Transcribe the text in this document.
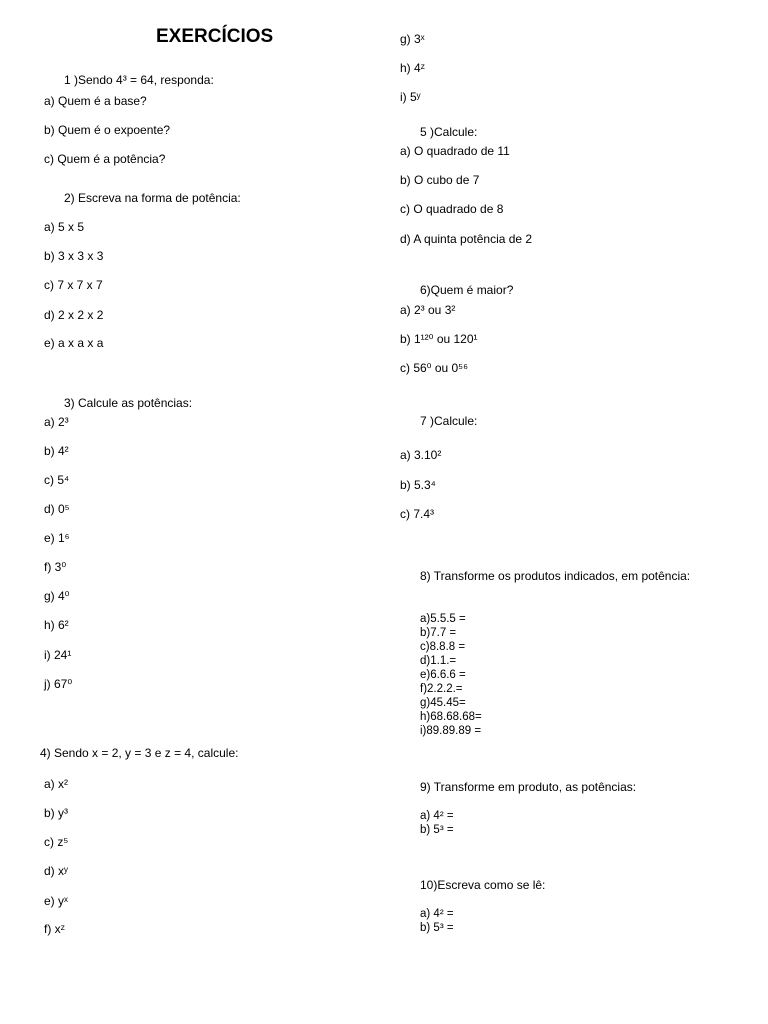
EXERCÍCIOS
1 )Sendo 4³ = 64, responda:
a) Quem é a base?
b) Quem é o expoente?
c) Quem é a potência?
2) Escreva na forma de potência:
a) 5 x 5
b) 3 x 3 x 3
c) 7 x 7 x 7
d) 2 x 2 x 2
e) a x a x a
3) Calcule as potências:
a) 2³
b) 4²
c) 5⁴
d) 0⁵
e) 1⁶
f) 3⁰
g) 4⁰
h) 6²
i) 24¹
j) 67⁰
4) Sendo x = 2, y = 3 e z = 4, calcule:
a) x²
b) y³
c) z⁵
d) xʸ
e) yˣ
f) xᶻ
g) 3ˣ
h) 4ᶻ
i) 5ʸ
5 )Calcule:
a) O quadrado de 11
b) O cubo de 7
c) O quadrado de 8
d) A quinta potência de 2
6)Quem é maior?
a) 2³ ou 3²
b) 1¹²⁰ ou 120¹
c) 56⁰ ou 0⁵⁶
7 )Calcule:
a) 3.10²
b) 5.3⁴
c) 7.4³
8) Transforme os produtos indicados, em potência:
a)5.5.5 =
b)7.7 =
c)8.8.8 =
d)1.1.=
e)6.6.6 =
f)2.2.2.=
g)45.45=
h)68.68.68=
i)89.89.89 =
9) Transforme em produto, as potências:
a) 4² =
b) 5³ =
10)Escreva como se lê:
a) 4² =
b) 5³ =
